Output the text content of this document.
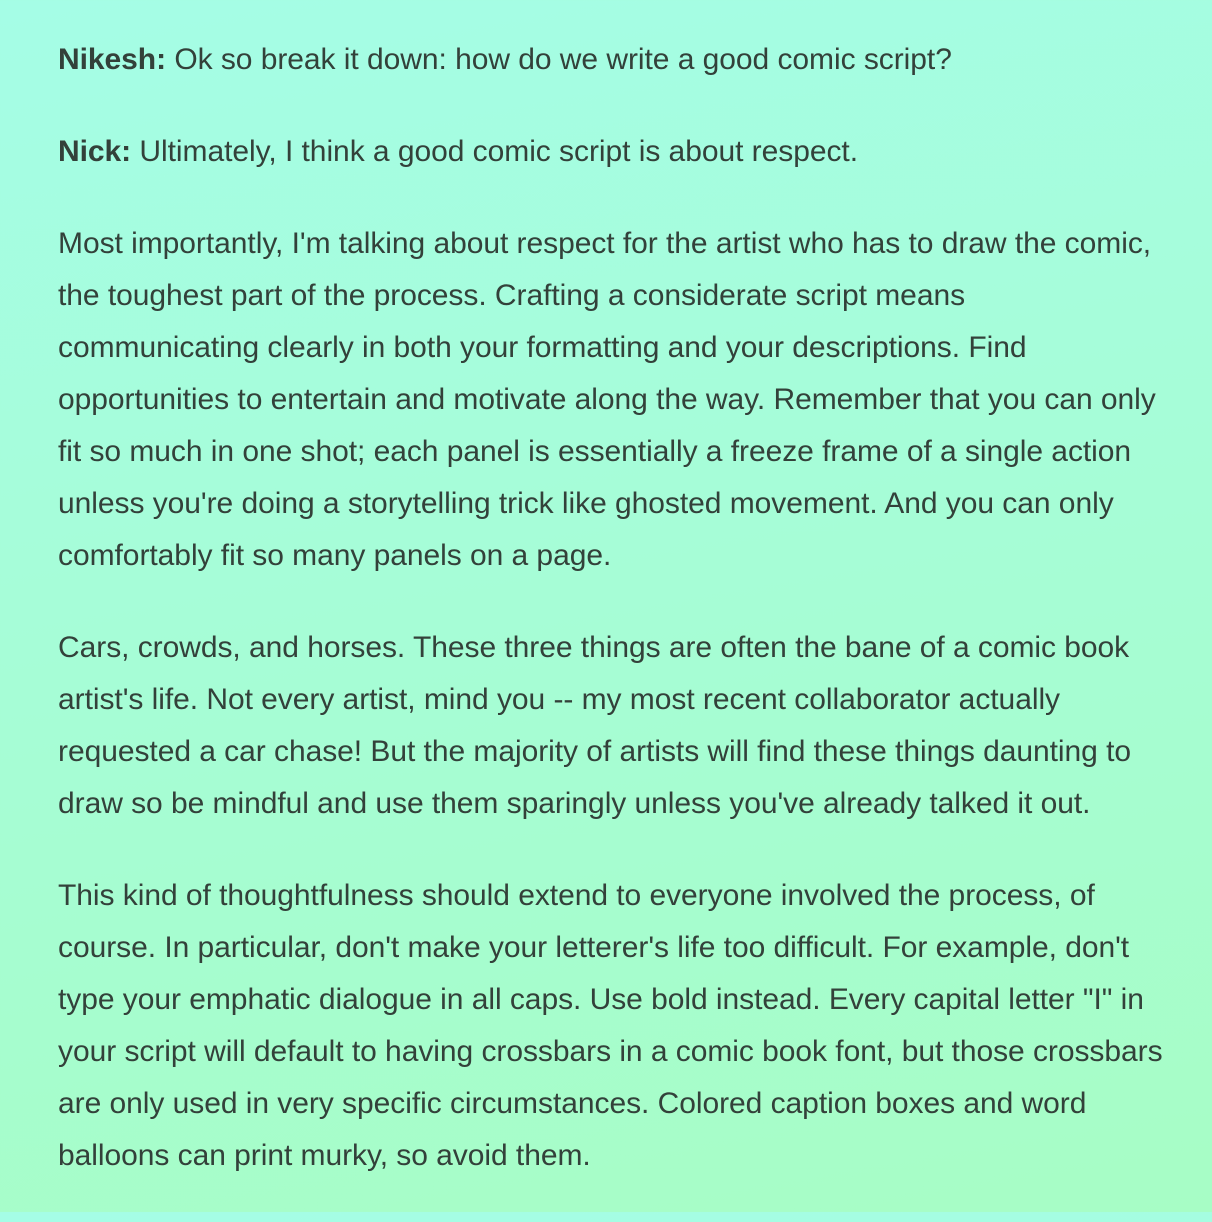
Nikesh: Ok so break it down: how do we write a good comic script?

Nick: Ultimately, I think a good comic script is about respect.

Most importantly, I'm talking about respect for the artist who has to draw the comic, the toughest part of the process. Crafting a considerate script means communicating clearly in both your formatting and your descriptions. Find opportunities to entertain and motivate along the way. Remember that you can only fit so much in one shot; each panel is essentially a freeze frame of a single action unless you're doing a storytelling trick like ghosted movement. And you can only comfortably fit so many panels on a page.

Cars, crowds, and horses. These three things are often the bane of a comic book artist's life. Not every artist, mind you -- my most recent collaborator actually requested a car chase! But the majority of artists will find these things daunting to draw so be mindful and use them sparingly unless you've already talked it out.

This kind of thoughtfulness should extend to everyone involved the process, of course. In particular, don't make your letterer's life too difficult. For example, don't type your emphatic dialogue in all caps. Use bold instead. Every capital letter "I" in your script will default to having crossbars in a comic book font, but those crossbars are only used in very specific circumstances. Colored caption boxes and word balloons can print murky, so avoid them.
